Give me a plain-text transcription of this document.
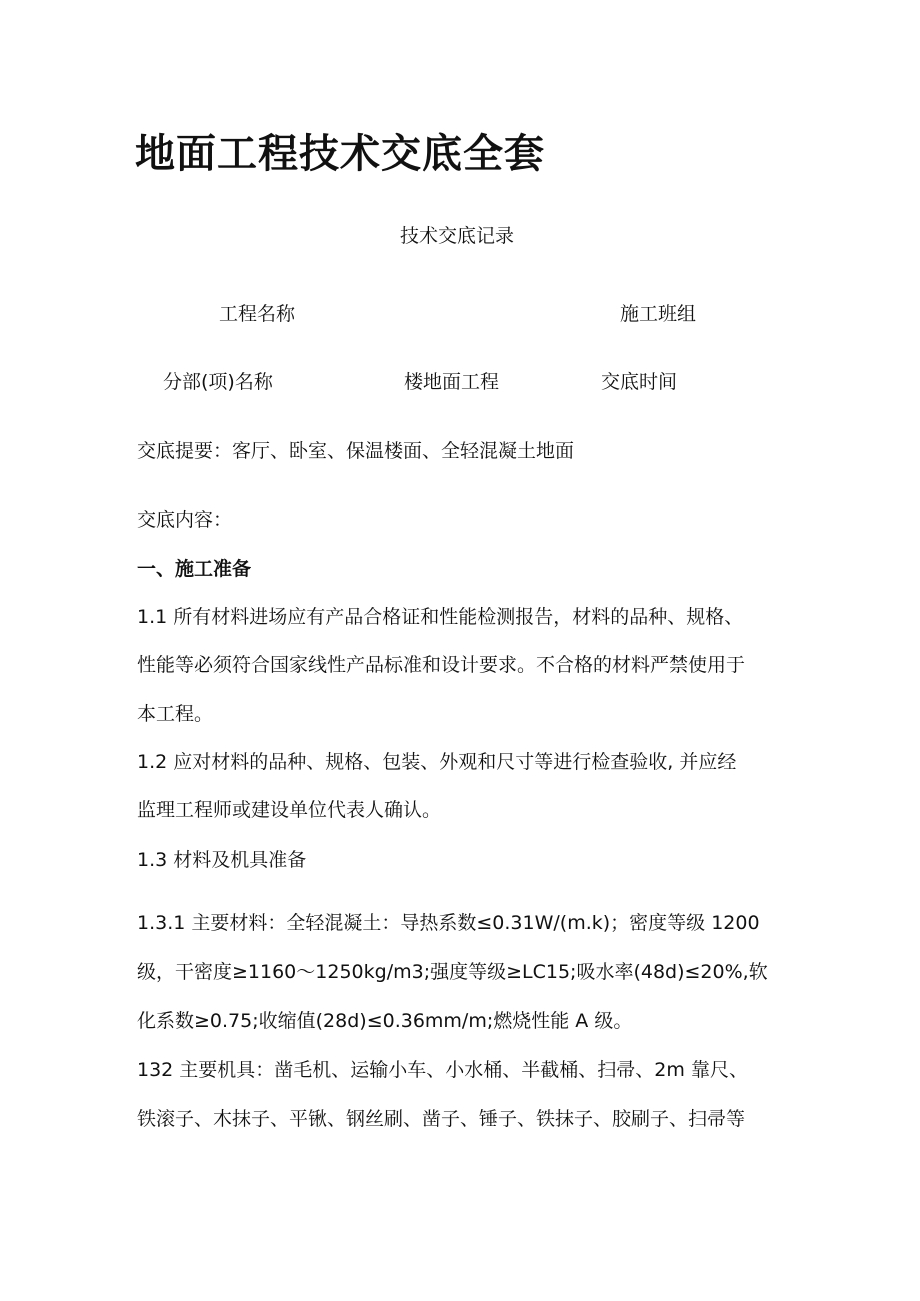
地面工程技术交底全套
技术交底记录
工程名称	施工班组
分部(项)名称	楼地面工程	交底时间
交底提要：客厅、卧室、保温楼面、全轻混凝土地面
交底内容：
一、施工准备
1.1 所有材料进场应有产品合格证和性能检测报告，材料的品种、规格、
性能等必须符合国家线性产品标准和设计要求。不合格的材料严禁使用于
本工程。
1.2 应对材料的品种、规格、包装、外观和尺寸等进行检查验收, 并应经
监理工程师或建设单位代表人确认。
1.3 材料及机具准备
1.3.1 主要材料：全轻混凝土：导热系数≤0.31W∕(m.k)；密度等级 1200
级，干密度≥1160～1250kg∕m3;强度等级≥LC15;吸水率(48d)≤20%,软
化系数≥0.75;收缩值(28d)≤0.36mm∕m;燃烧性能 A 级。
132 主要机具：凿毛机、运输小车、小水桶、半截桶、扫帚、2m 靠尺、
铁滚子、木抹子、平锹、钢丝刷、凿子、锤子、铁抹子、胶刷子、扫帚等
